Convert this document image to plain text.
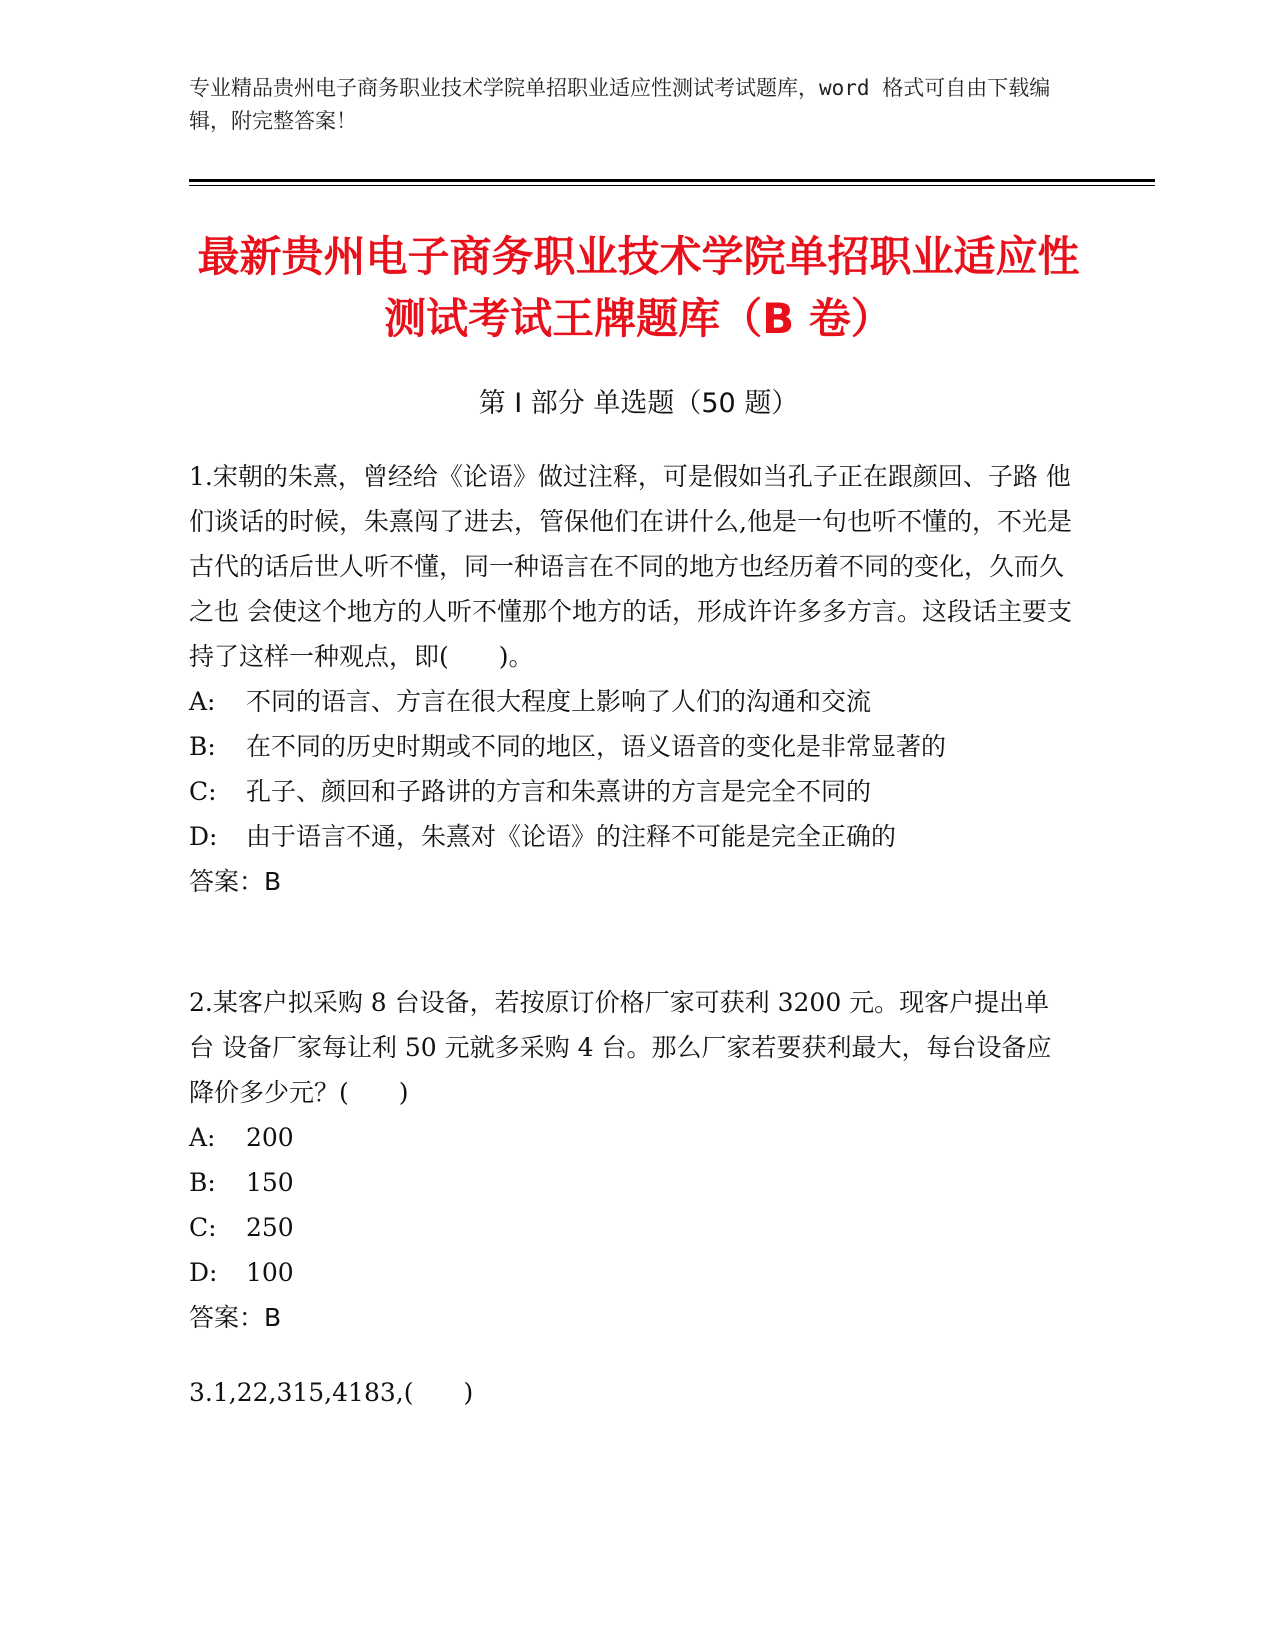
专业精品贵州电子商务职业技术学院单招职业适应性测试考试题库，word 格式可自由下载编辑，附完整答案！
最新贵州电子商务职业技术学院单招职业适应性测试考试王牌题库（B 卷）
第 I 部分 单选题（50 题）
1.宋朝的朱熹，曾经给《论语》做过注释，可是假如当孔子正在跟颜回、子路 他们谈话的时候，朱熹闯了进去，管保他们在讲什么,他是一句也听不懂的，不光是 古代的话后世人听不懂，同一种语言在不同的地方也经历着不同的变化，久而久之也 会使这个地方的人听不懂那个地方的话，形成许许多多方言。这段话主要支持了这样一种观点，即(　　)。
A: 不同的语言、方言在很大程度上影响了人们的沟通和交流
B: 在不同的历史时期或不同的地区，语义语音的变化是非常显著的
C: 孔子、颜回和子路讲的方言和朱熹讲的方言是完全不同的
D: 由于语言不通，朱熹对《论语》的注释不可能是完全正确的
答案：B
2.某客户拟采购 8 台设备，若按原订价格厂家可获利 3200 元。现客户提出单台 设备厂家每让利 50 元就多采购 4 台。那么厂家若要获利最大，每台设备应降价多少元？(　　)
A: 200
B: 150
C: 250
D: 100
答案：B
3.1,22,315,4183,(　　)
